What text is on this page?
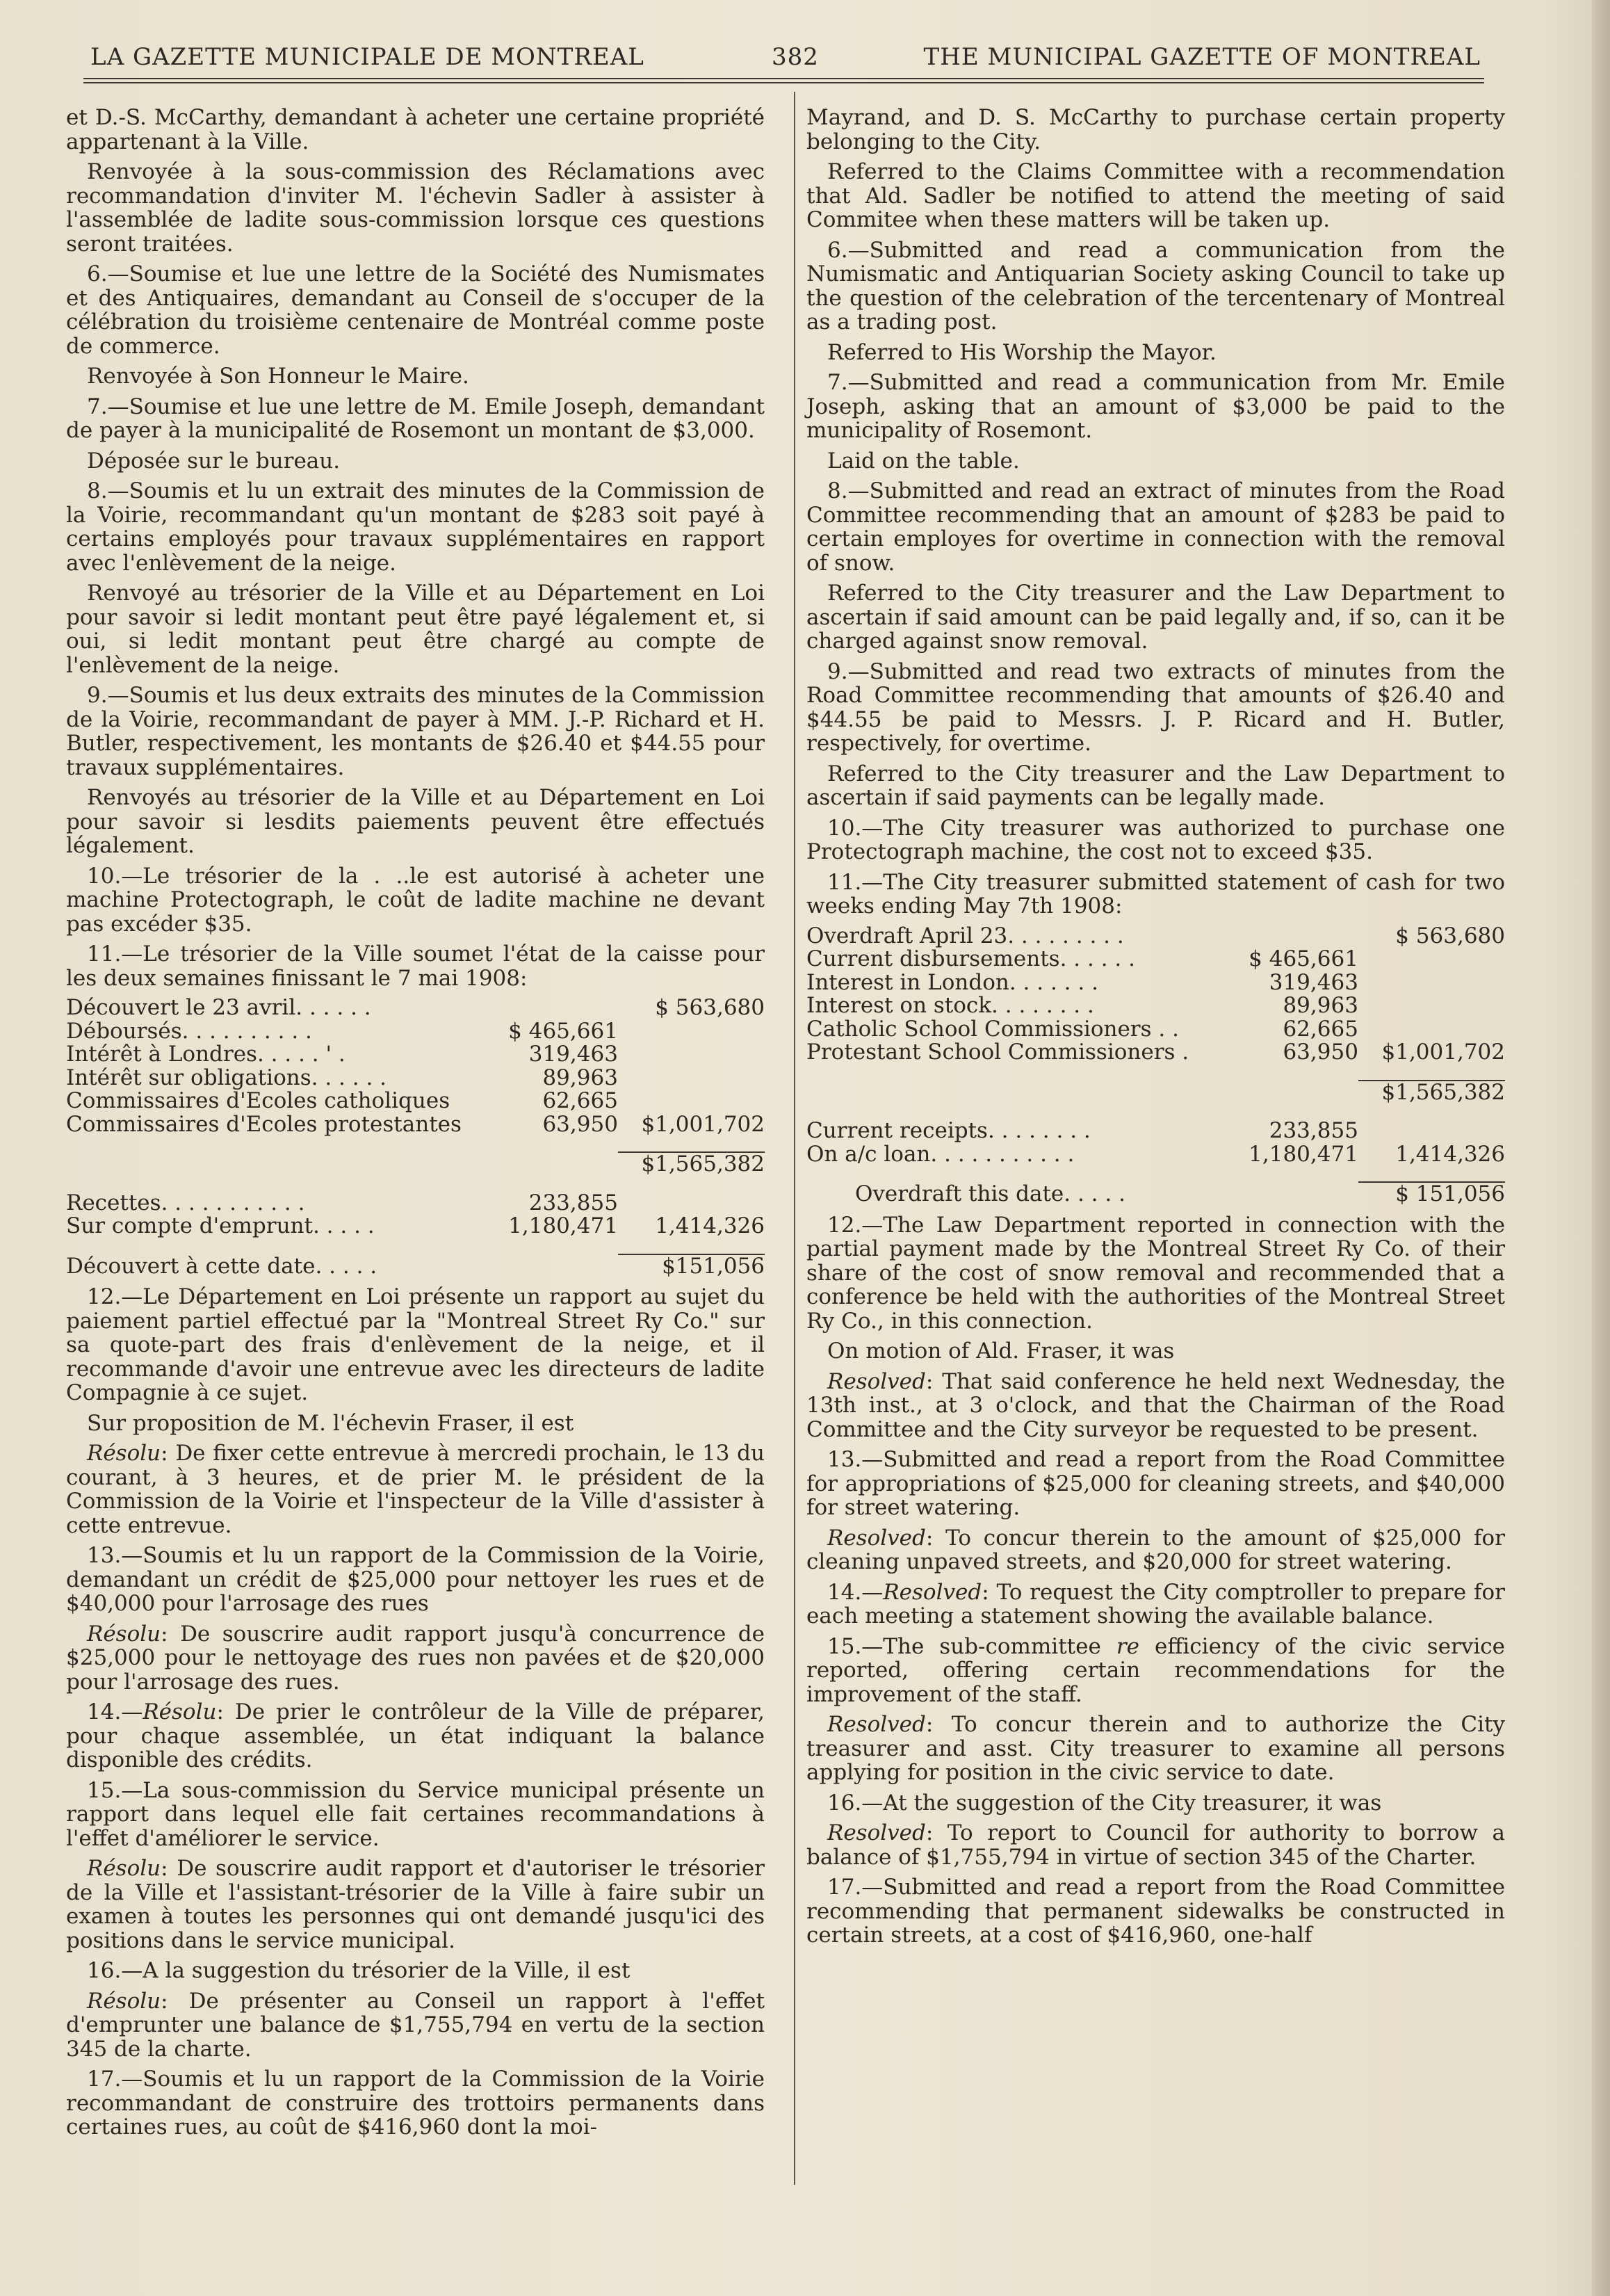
LA GAZETTE MUNICIPALE DE MONTREAL	382	THE MUNICIPAL GAZETTE OF MONTREAL

et D.-S. McCarthy, demandant à acheter une certaine propriété appartenant à la Ville.

Renvoyée à la sous-commission des Réclamations avec recommandation d'inviter M. l'échevin Sadler à assister à l'assemblée de ladite sous-commission lorsque ces questions seront traitées.

6.—Soumise et lue une lettre de la Société des Numismates et des Antiquaires, demandant au Conseil de s'occuper de la célébration du troisième centenaire de Montréal comme poste de commerce.

Renvoyée à Son Honneur le Maire.

7.—Soumise et lue une lettre de M. Emile Joseph, demandant de payer à la municipalité de Rosemont un montant de $3,000.

Déposée sur le bureau.

8.—Soumis et lu un extrait des minutes de la Commission de la Voirie, recommandant qu'un montant de $283 soit payé à certains employés pour travaux supplémentaires en rapport avec l'enlèvement de la neige.

Renvoyé au trésorier de la Ville et au Département en Loi pour savoir si ledit montant peut être payé légalement et, si oui, si ledit montant peut être chargé au compte de l'enlèvement de la neige.

9.—Soumis et lus deux extraits des minutes de la Commission de la Voirie, recommandant de payer à MM. J.-P. Richard et H. Butler, respectivement, les montants de $26.40 et $44.55 pour travaux supplémentaires.

Renvoyés au trésorier de la Ville et au Département en Loi pour savoir si lesdits paiements peuvent être effectués légalement.

10.—Le trésorier de la . ..le est autorisé à acheter une machine Protectograph, le coût de ladite machine ne devant pas excéder $35.

11.—Le trésorier de la Ville soumet l'état de la caisse pour les deux semaines finissant le 7 mai 1908:

Découvert le 23 avril. . . . . .		$ 563,680
Déboursés. . . . . . . . . .	$ 465,661	
Intérêt à Londres. . . . . ' .	319,463	
Intérêt sur obligations. . . . . .	89,963	
Commissaires d'Ecoles catholiques	62,665	
Commissaires d'Ecoles protestantes	63,950	$1,001,702

		$1,565,382

Recettes. . . . . . . . . . .	233,855	
Sur compte d'emprunt. . . . .	1,180,471	1,414,326

Découvert à cette date. . . . .		$151,056

12.—Le Département en Loi présente un rapport au sujet du paiement partiel effectué par la "Montreal Street Ry Co." sur sa quote-part des frais d'enlèvement de la neige, et il recommande d'avoir une entrevue avec les directeurs de ladite Compagnie à ce sujet.

Sur proposition de M. l'échevin Fraser, il est

Résolu: De fixer cette entrevue à mercredi prochain, le 13 du courant, à 3 heures, et de prier M. le président de la Commission de la Voirie et l'inspecteur de la Ville d'assister à cette entrevue.

13.—Soumis et lu un rapport de la Commission de la Voirie, demandant un crédit de $25,000 pour nettoyer les rues et de $40,000 pour l'arrosage des rues

Résolu: De souscrire audit rapport jusqu'à concurrence de $25,000 pour le nettoyage des rues non pavées et de $20,000 pour l'arrosage des rues.

14.—Résolu: De prier le contrôleur de la Ville de préparer, pour chaque assemblée, un état indiquant la balance disponible des crédits.

15.—La sous-commission du Service municipal présente un rapport dans lequel elle fait certaines recommandations à l'effet d'améliorer le service.

Résolu: De souscrire audit rapport et d'autoriser le trésorier de la Ville et l'assistant-trésorier de la Ville à faire subir un examen à toutes les personnes qui ont demandé jusqu'ici des positions dans le service municipal.

16.—A la suggestion du trésorier de la Ville, il est

Résolu: De présenter au Conseil un rapport à l'effet d'emprunter une balance de $1,755,794 en vertu de la section 345 de la charte.

17.—Soumis et lu un rapport de la Commission de la Voirie recommandant de construire des trottoirs permanents dans certaines rues, au coût de $416,960 dont la moi-

Mayrand, and D. S. McCarthy to purchase certain property belonging to the City.

Referred to the Claims Committee with a recommendation that Ald. Sadler be notified to attend the meeting of said Commitee when these matters will be taken up.

6.—Submitted and read a communication from the Numismatic and Antiquarian Society asking Council to take up the question of the celebration of the tercentenary of Montreal as a trading post.

Referred to His Worship the Mayor.

7.—Submitted and read a communication from Mr. Emile Joseph, asking that an amount of $3,000 be paid to the municipality of Rosemont.

Laid on the table.

8.—Submitted and read an extract of minutes from the Road Committee recommending that an amount of $283 be paid to certain employes for overtime in connection with the removal of snow.

Referred to the City treasurer and the Law Department to ascertain if said amount can be paid legally and, if so, can it be charged against snow removal.

9.—Submitted and read two extracts of minutes from the Road Committee recommending that amounts of $26.40 and $44.55 be paid to Messrs. J. P. Ricard and H. Butler, respectively, for overtime.

Referred to the City treasurer and the Law Department to ascertain if said payments can be legally made.

10.—The City treasurer was authorized to purchase one Protectograph machine, the cost not to exceed $35.

11.—The City treasurer submitted statement of cash for two weeks ending May 7th 1908:

Overdraft April 23. . . . . . . . .		$ 563,680
Current disbursements. . . . . .	$ 465,661	
Interest in London. . . . . . .	319,463	
Interest on stock. . . . . . . .	89,963	
Catholic School Commissioners . .	62,665	
Protestant School Commissioners .	63,950	$1,001,702

		$1,565,382

Current receipts. . . . . . . .	233,855	
On a/c loan. . . . . . . . . . .	1,180,471	1,414,326

Overdraft this date. . . . .		$ 151,056

12.—The Law Department reported in connection with the partial payment made by the Montreal Street Ry Co. of their share of the cost of snow removal and recommended that a conference be held with the authorities of the Montreal Street Ry Co., in this connection.

On motion of Ald. Fraser, it was

Resolved: That said conference he held next Wednesday, the 13th inst., at 3 o'clock, and that the Chairman of the Road Committee and the City surveyor be requested to be present.

13.—Submitted and read a report from the Road Committee for appropriations of $25,000 for cleaning streets, and $40,000 for street watering.

Resolved: To concur therein to the amount of $25,000 for cleaning unpaved streets, and $20,000 for street watering.

14.—Resolved: To request the City comptroller to prepare for each meeting a statement showing the available balance.

15.—The sub-committee re efficiency of the civic service reported, offering certain recommendations for the improvement of the staff.

Resolved: To concur therein and to authorize the City treasurer and asst. City treasurer to examine all persons applying for position in the civic service to date.

16.—At the suggestion of the City treasurer, it was

Resolved: To report to Council for authority to borrow a balance of $1,755,794 in virtue of section 345 of the Charter.

17.—Submitted and read a report from the Road Committee recommending that permanent sidewalks be constructed in certain streets, at a cost of $416,960, one-half
